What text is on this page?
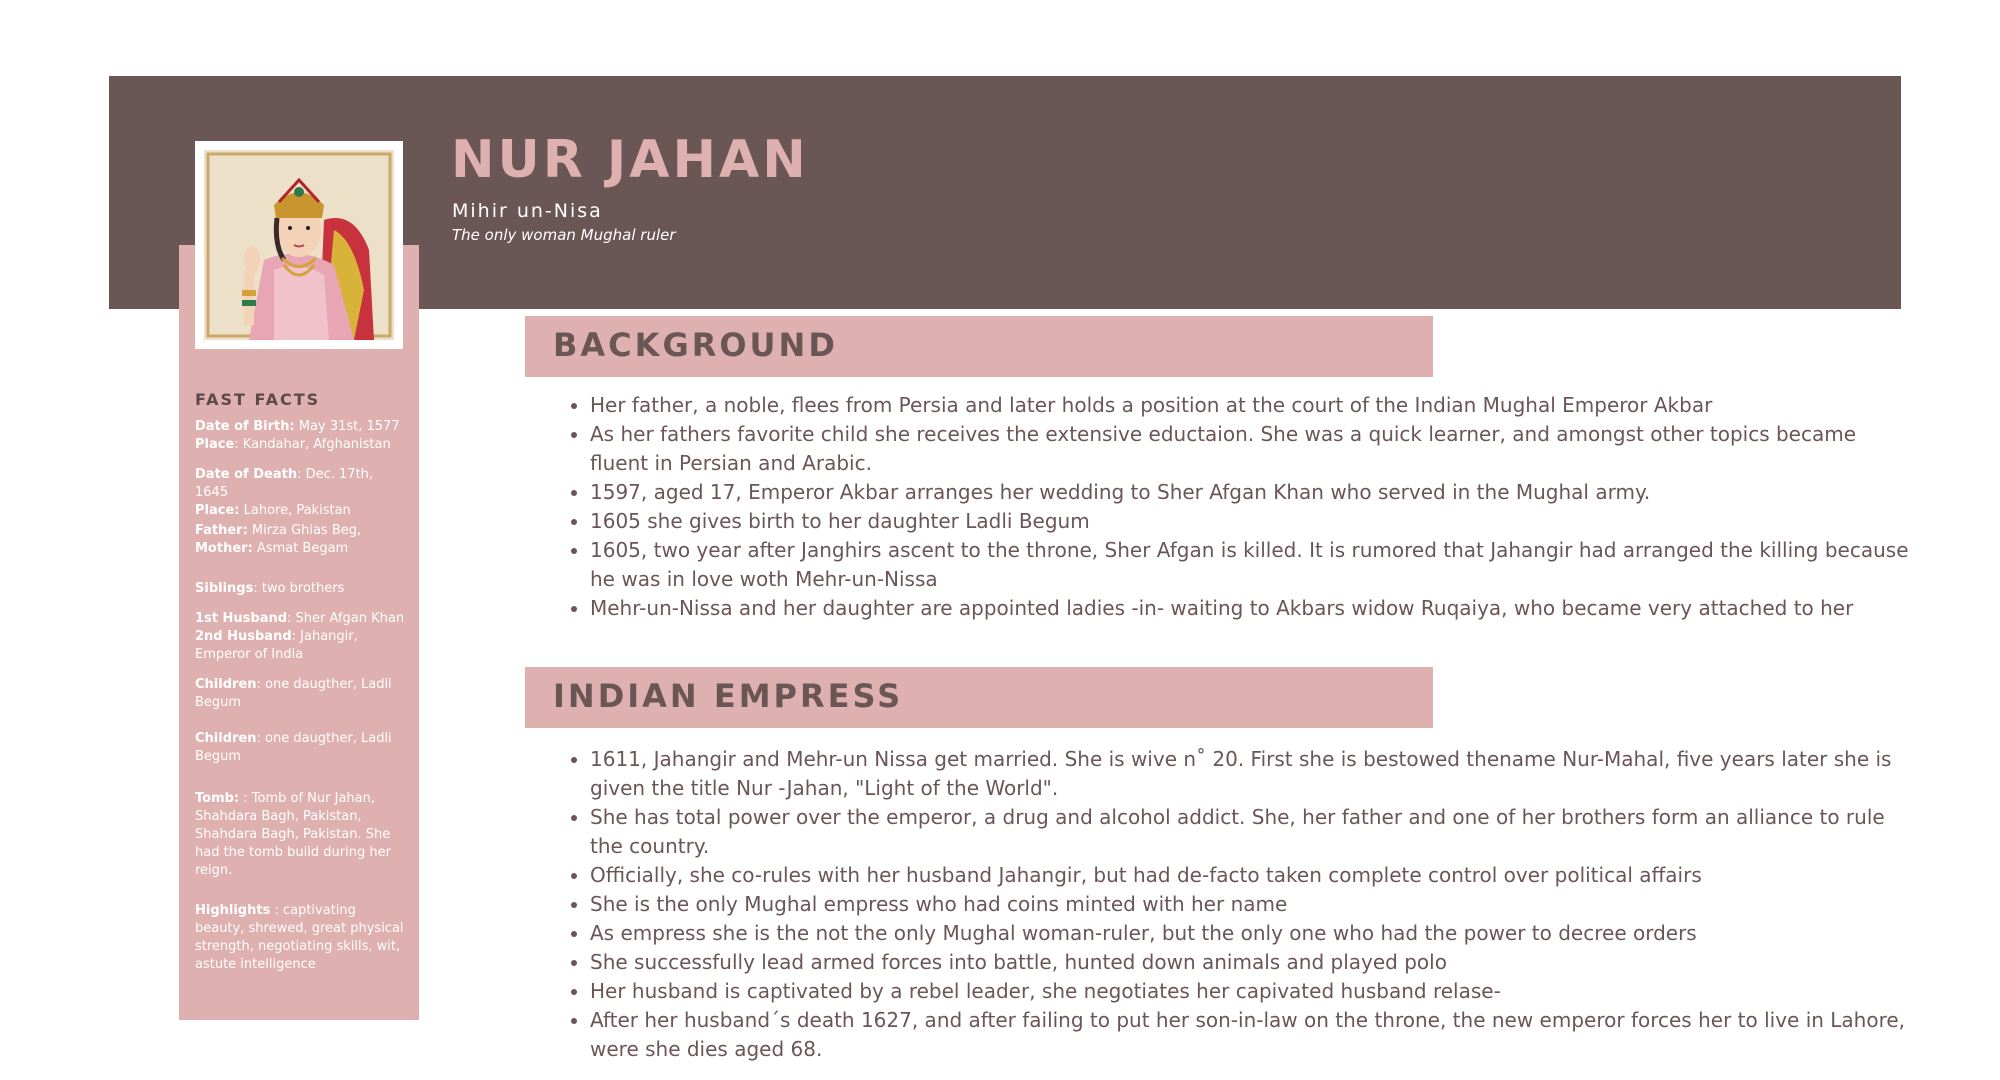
NUR JAHAN
Mihir un-Nisa
The only woman Mughal ruler
FAST FACTS
Date of Birth: May 31st, 1577
Place: Kandahar, Afghanistan
Date of Death: Dec. 17th, 1645
Place: Lahore, Pakistan
Father: Mirza Ghias Beg,
Mother: Asmat Begam
Siblings: two brothers
1st Husband: Sher Afgan Khan
2nd Husband: Jahangir, Emperor of India
Children: one daugther, Ladli Begum
Children: one daugther, Ladli Begum
Tomb: : Tomb of Nur Jahan, Shahdara Bagh, Pakistan, Shahdara Bagh, Pakistan. She had the tomb build during her reign.
Highlights : captivating beauty, shrewed, great physical strength, negotiating skills, wit, astute intelligence
BACKGROUND
• Her father, a noble, flees from Persia and later holds a position at the court of the Indian Mughal Emperor Akbar
• As her fathers favorite child she receives the extensive eductaion. She was a quick learner, and amongst other topics became fluent in Persian and Arabic.
• 1597, aged 17, Emperor Akbar arranges her wedding to Sher Afgan Khan who served in the Mughal army.
• 1605 she gives birth to her daughter Ladli Begum
• 1605, two year after Janghirs ascent to the throne, Sher Afgan is killed. It is rumored that Jahangir had arranged the killing because he was in love woth Mehr-un-Nissa
• Mehr-un-Nissa and her daughter are appointed ladies -in- waiting to Akbars widow Ruqaiya, who became very attached to her
INDIAN EMPRESS
• 1611, Jahangir and Mehr-un Nissa get married. She is wive n˚ 20. First she is bestowed thename Nur-Mahal, five years later she is given the title Nur -Jahan, "Light of the World".
• She has total power over the emperor, a drug and alcohol addict. She, her father and one of her brothers form an alliance to rule the country.
• Officially, she co-rules with her husband Jahangir, but had de-facto taken complete control over political affairs
• She is the only Mughal empress who had coins minted with her name
• As empress she is the not the only Mughal woman-ruler, but the only one who had the power to decree orders
• She successfully lead armed forces into battle, hunted down animals and played polo
• Her husband is captivated by a rebel leader, she negotiates her capivated husband relase-
• After her husband´s death 1627, and after failing to put her son-in-law on the throne, the new emperor forces her to live in Lahore, were she dies aged 68.
